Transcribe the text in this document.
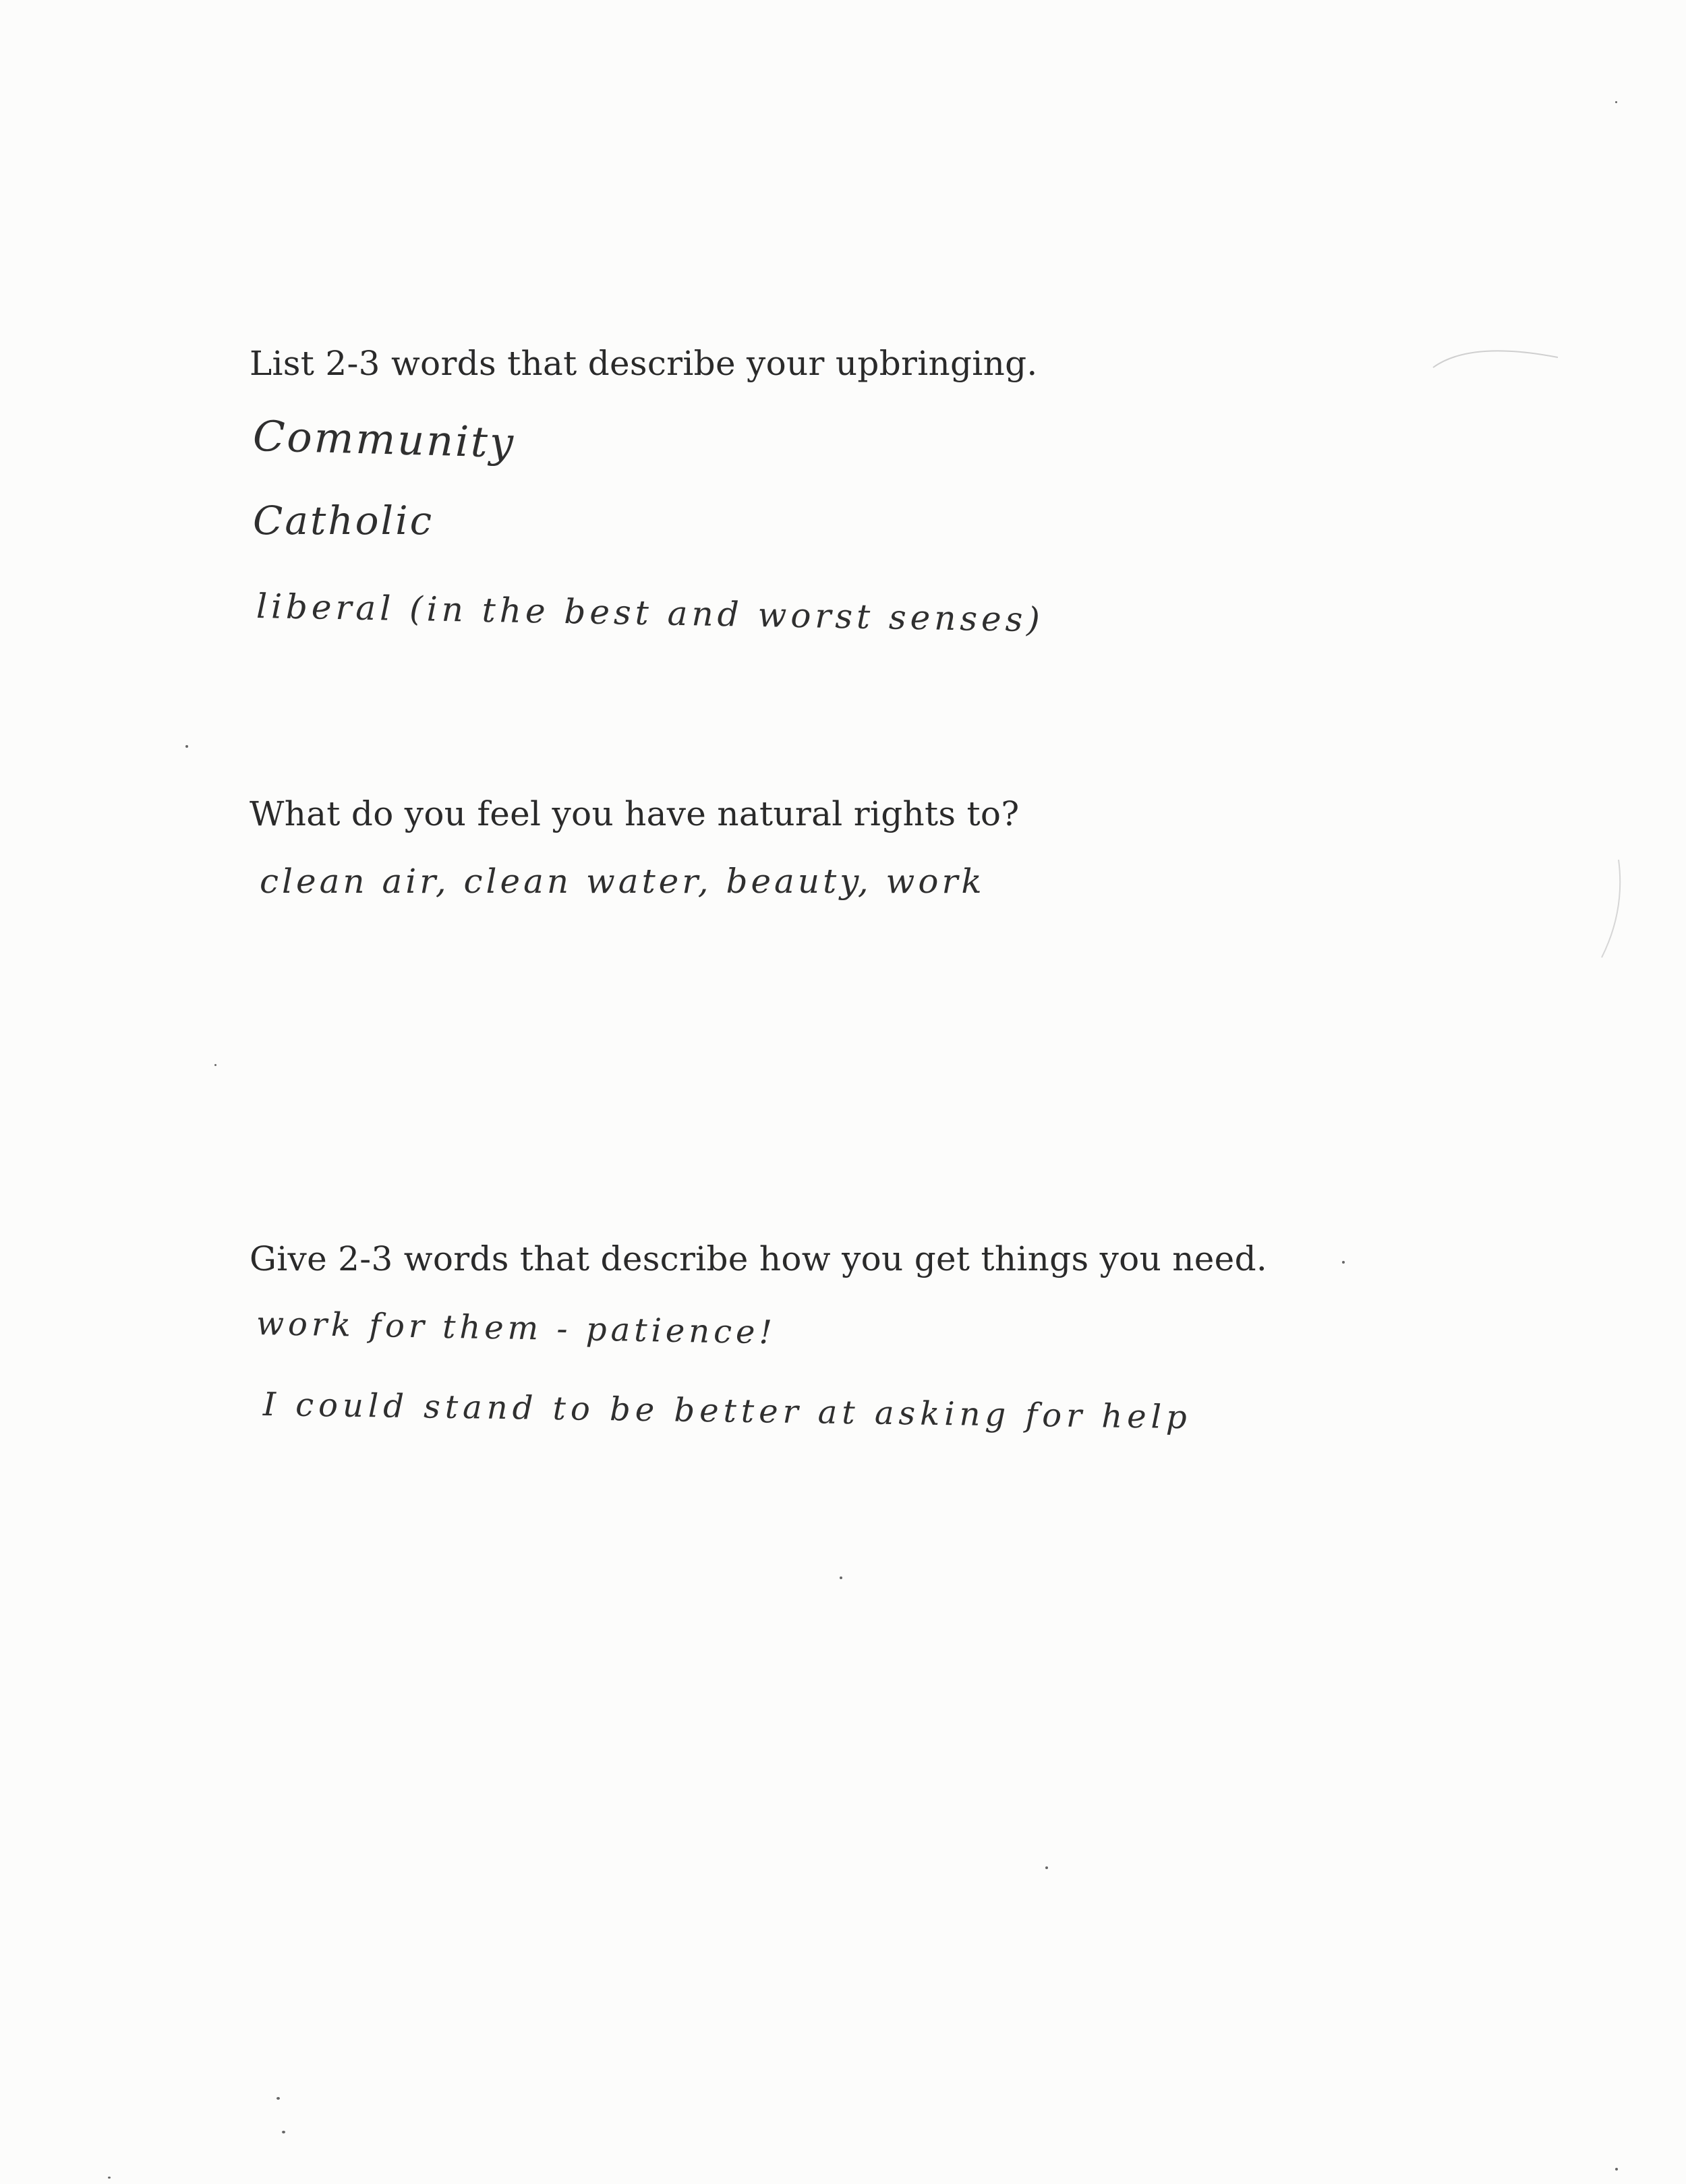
List 2-3 words that describe your upbringing.
Community
Catholic
liberal (in the best and worst senses)
What do you feel you have natural rights to?
clean air, clean water, beauty, work
Give 2-3 words that describe how you get things you need.
work for them - patience!
I could stand to be better at asking for help
